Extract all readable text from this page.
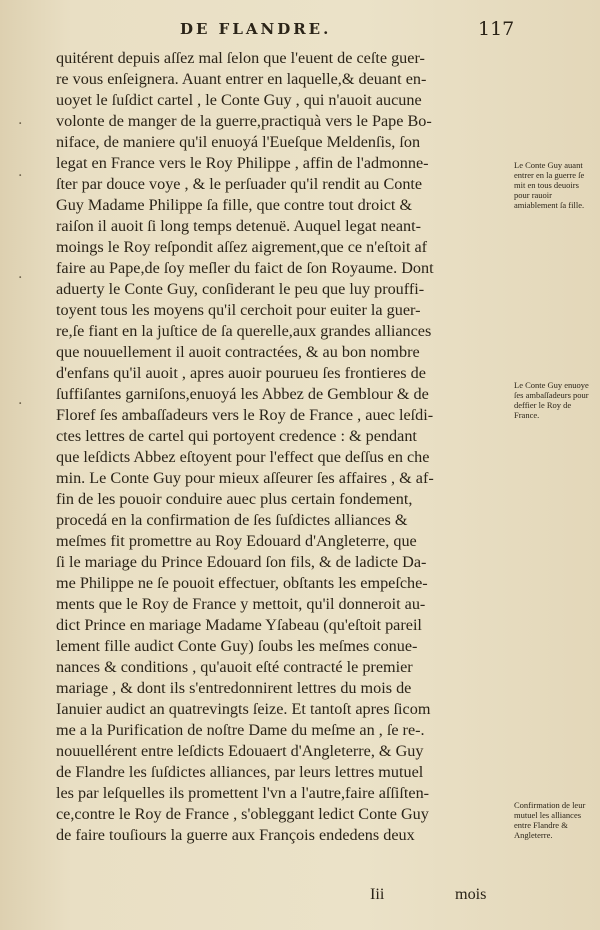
DE FLANDRE.	117
·
·
·
·
quitérent depuis aſſez mal ſelon que l'euent de ceſte guer-
re vous enſeignera. Auant entrer en laquelle,& deuant en-
uoyet le ſuſdict cartel , le Conte Guy , qui n'auoit aucune
volonte de manger de la guerre,practiquà vers le Pape Bo-
niface, de maniere qu'il enuoyá l'Eueſque Meldenſis, ſon
legat en France vers le Roy Philippe , affin de l'admonne-
ſter par douce voye , & le perſuader qu'il rendit au Conte
Guy Madame Philippe ſa fille, que contre tout droict &
raiſon il auoit ſi long temps detenuë. Auquel legat neant-
moings le Roy reſpondit aſſez aigrement,que ce n'eſtoit af
faire au Pape,de ſoy meſler du faict de ſon Royaume. Dont
aduerty le Conte Guy, conſiderant le peu que luy prouffi-
toyent tous les moyens qu'il cerchoit pour euiter la guer-
re,ſe fiant en la juſtice de ſa querelle,aux grandes alliances
que nouuellement il auoit contractées, & au bon nombre
d'enfans qu'il auoit , apres auoir pourueu ſes frontieres de
ſuffiſantes garniſons,enuoyá les Abbez de Gemblour & de
Floref ſes ambaſſadeurs vers le Roy de France , auec leſdi-
ctes lettres de cartel qui portoyent credence : & pendant
que leſdicts Abbez eſtoyent pour l'effect que deſſus en che
min. Le Conte Guy pour mieux aſſeurer ſes affaires , & af-
fin de les pouoir conduire auec plus certain fondement,
procedá en la confirmation de ſes ſuſdictes alliances &
meſmes fit promettre au Roy Edouard d'Angleterre, que
ſi le mariage du Prince Edouard ſon fils, & de ladicte Da-
me Philippe ne ſe pouoit effectuer, obſtants les empeſche-
ments que le Roy de France y mettoit, qu'il donneroit au-
dict Prince en mariage Madame Yſabeau (qu'eſtoit pareil
lement fille audict Conte Guy) ſoubs les meſmes conue-
nances & conditions , qu'auoit eſté contracté le premier
mariage , & dont ils s'entredonnirent lettres du mois de
Ianuier audict an quatrevingts ſeize. Et tantoſt apres ſicom
me a la Purification de noſtre Dame du meſme an , ſe re-.
nouuellérent entre leſdicts Edouaert d'Angleterre, & Guy
de Flandre les ſuſdictes alliances, par leurs lettres mutuel
les par leſquelles ils promettent l'vn a l'autre,faire aſſiſten-
ce,contre le Roy de France , s'obleggant ledict Conte Guy
de faire touſiours la guerre aux François endedens deux
Le Conte Guy auant entrer en la guerre ſe mit en tous deuoirs pour rauoir amiablement ſa fille.
Le Conte Guy enuoye ſes ambaſſadeurs pour deffier le Roy de France.
Confirmation de leur mutuel les alliances entre Flandre & Angleterre.
Iii	mois
